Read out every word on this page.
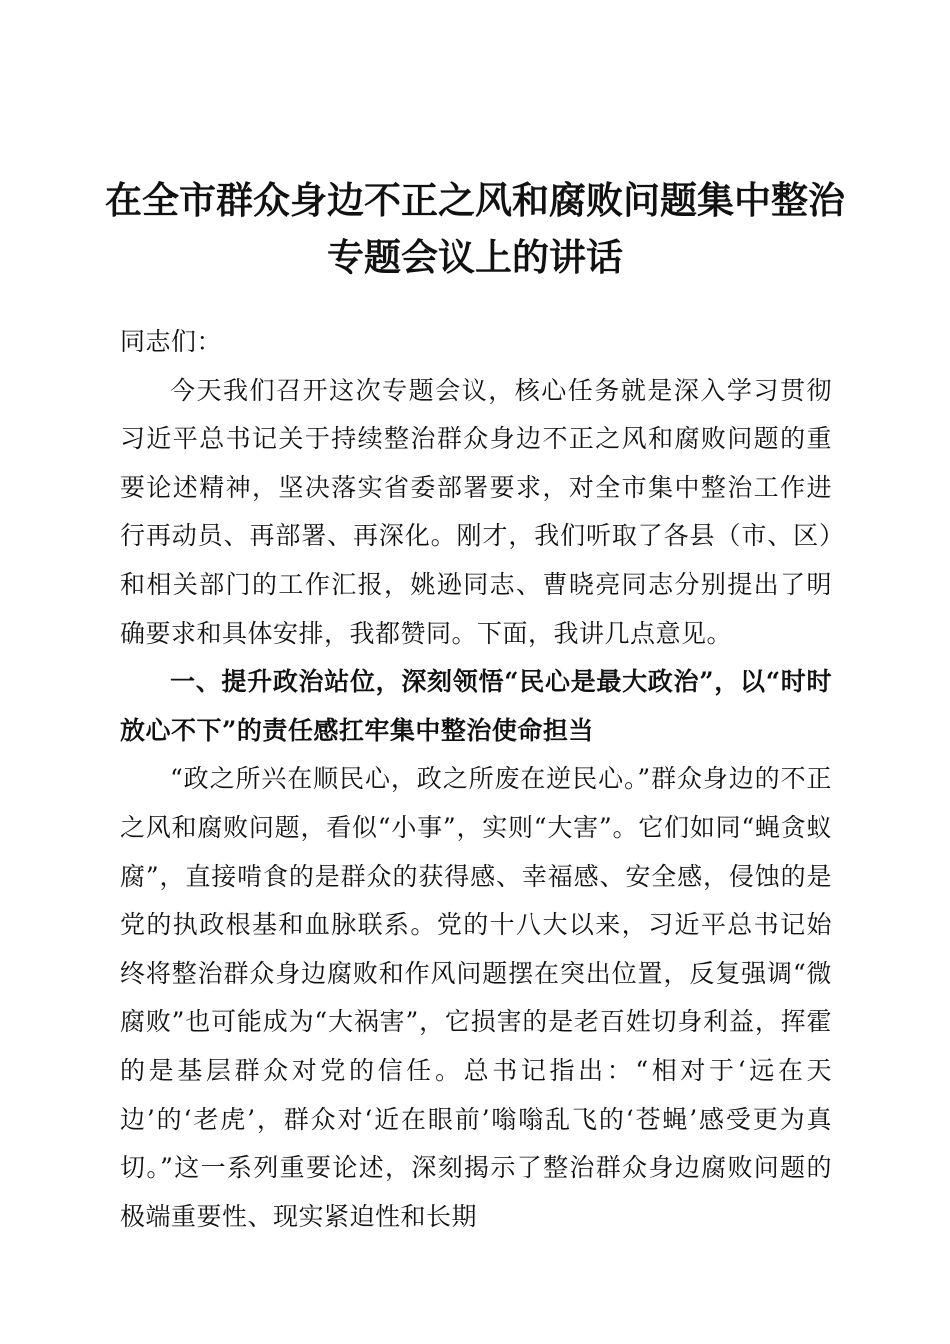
在全市群众身边不正之风和腐败问题集中整治
专题会议上的讲话

同志们：

今天我们召开这次专题会议，核心任务就是深入学习贯彻习近平总书记关于持续整治群众身边不正之风和腐败问题的重要论述精神，坚决落实省委部署要求，对全市集中整治工作进行再动员、再部署、再深化。刚才，我们听取了各县（市、区）和相关部门的工作汇报，姚逊同志、曹晓亮同志分别提出了明确要求和具体安排，我都赞同。下面，我讲几点意见。

一、提升政治站位，深刻领悟“民心是最大政治”，以“时时放心不下”的责任感扛牢集中整治使命担当

“政之所兴在顺民心，政之所废在逆民心。”群众身边的不正之风和腐败问题，看似“小事”，实则“大害”。它们如同“蝇贪蚁腐”，直接啃食的是群众的获得感、幸福感、安全感，侵蚀的是党的执政根基和血脉联系。党的十八大以来，习近平总书记始终将整治群众身边腐败和作风问题摆在突出位置，反复强调“微腐败”也可能成为“大祸害”，它损害的是老百姓切身利益，挥霍的是基层群众对党的信任。总书记指出：“相对于‘远在天边’的‘老虎’，群众对‘近在眼前’嗡嗡乱飞的‘苍蝇’感受更为真切。”这一系列重要论述，深刻揭示了整治群众身边腐败问题的极端重要性、现实紧迫性和长期
